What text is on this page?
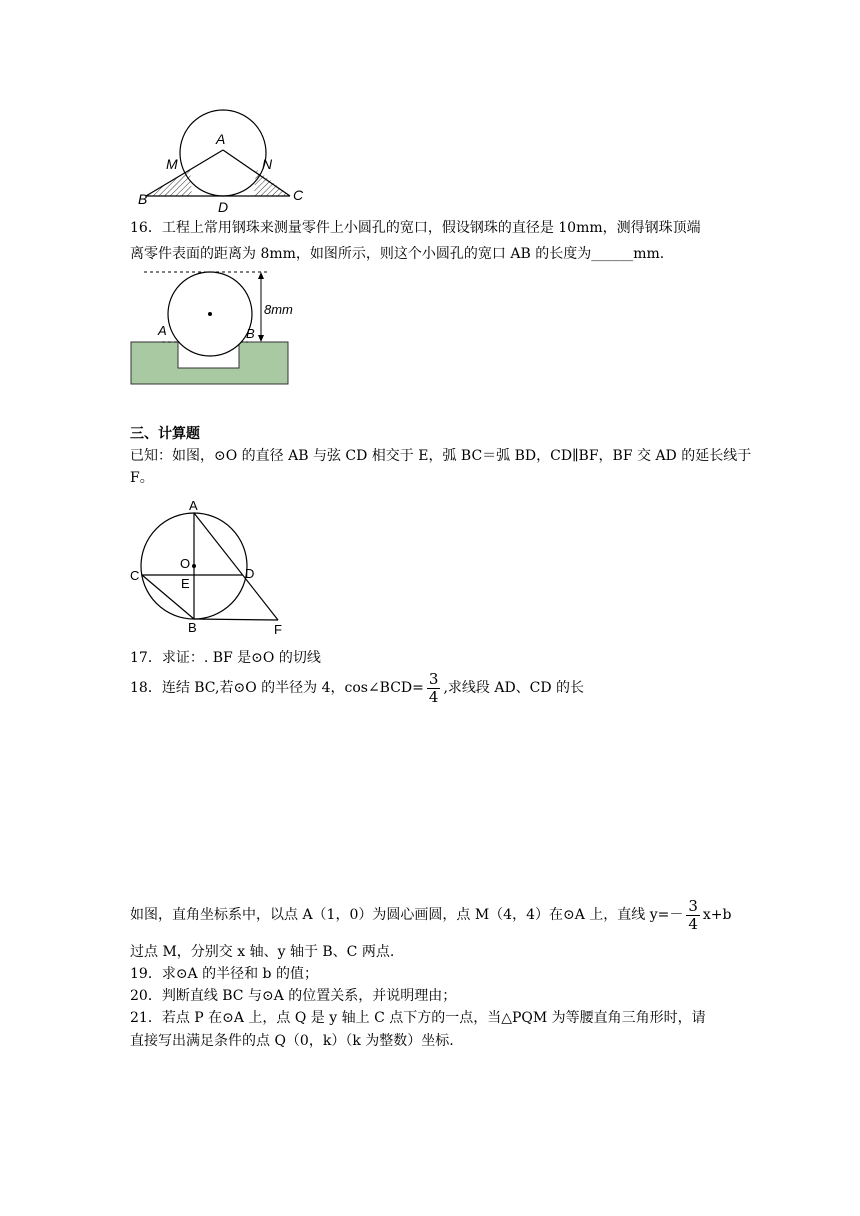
A
M	N
B	D
C
16．工程上常用钢珠来测量零件上小圆孔的宽口，假设钢珠的直径是 10mm，测得钢珠顶端
离零件表面的距离为 8mm，如图所示，则这个小圆孔的宽口 AB 的长度为______mm.
8mm
A	B
三、计算题
已知：如图，⊙O 的直径 AB 与弦 CD 相交于 E，弧 BC＝弧 BD，CD∥BF，BF 交 AD 的延长线于
F。
A
O
C
E
D
B	F
17．求证：. BF 是⊙O 的切线
18．连结 BC,若⊙O 的半径为 4，cos∠BCD= $\frac{3}{4}$ ,求线段 AD、CD 的长
如图，直角坐标系中，以点 A（1，0）为圆心画圆，点 M（4，4）在⊙A 上，直线 $y=- \frac{3}{4} x+b$
过点 M，分别交 x 轴、y 轴于 B、C 两点.
19．求⊙A 的半径和 b 的值；
20．判断直线 BC 与⊙A 的位置关系，并说明理由；
21．若点 P 在⊙A 上，点 Q 是 y 轴上 C 点下方的一点，当△PQM 为等腰直角三角形时，请
直接写出满足条件的点 Q（0，k）（k 为整数）坐标.
